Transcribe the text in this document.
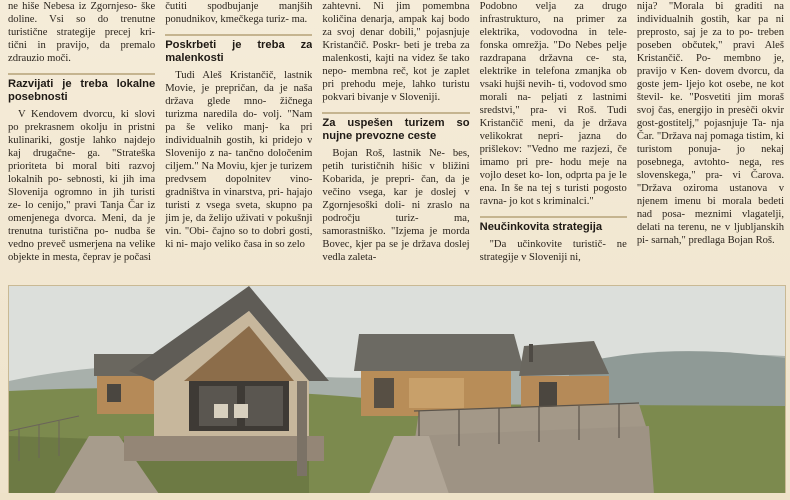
ne hiše Nebesa iz Zgornjeso- ške doline. Vsi so do trenutne turistične strategije precej kri- tični in pravijo, da premalo zdrauzio moči.

Razvijati je treba lokalne posebnosti

V Kendovem dvorcu, ki slovi po prekrasnem okolju in pristni kulinariki, gostje lahko najdejo kaj drugačne- ga. "Strateška prioriteta bi moral biti razvoj lokalnih po- sebnosti, ki jih ima Slovenija ogromno in jih turisti ze- lo cenijo," pravi Tanja Čar iz omenjenega dvorca. Meni, da je trenutna turistična po- nudba še vedno preveč usmerjena na velike objekte in mesta, čeprav je počasi

čutiti spodbujanje manjših ponudnikov, kmečkega turiz- ma.

Poskrbeti je treba za malenkosti

Tudi Aleš Kristančič, lastnik Movie, je prepričan, da je naša država glede mno- žičnega turizma naredila do- volj. "Nam pa še veliko manj- ka pri individualnih gostih, ki pridejo v Slovenijo z na- tančno določenim ciljem." Na Moviu, kjer je turizem predvsem dopolnitev vino- gradništva in vinarstva, pri- hajajo turisti z vsega sveta, skupno pa jim je, da želijo uživati v pokušnji vin. "Obi- čajno so to dobri gosti, ki ni- majo veliko časa in so zelo

zahtevni. Ni jim pomembna količina denarja, ampak kaj bodo za svoj denar dobili," pojasnjuje Kristančič. Poskr- beti je treba za malenkosti, kajti na videz še tako nepo- membna reč, kot je zaplet pri prehodu meje, lahko turistu pokvari bivanje v Sloveniji.

Za uspešen turizem so nujne prevozne ceste

Bojan Roš, lastnik Ne- bes, petih turističnih hišic v bližini Kobarida, je prepri- čan, da je večino vsega, kar je doslej v Zgornjesoški doli- ni zraslo na področju turiz- ma, samorastniško. "Izjema je morda Bovec, kjer pa se je država doslej vedla zaleta-

Podobno velja za drugo infrastrukturo, na primer za elektrika, vodovodna in tele- fonska omrežja. "Do Nebes pelje razdrapana državna ce- sta, elektrike in telefona zmanjka ob vsaki hujši nevih- ti, vodovod smo morali na- peljati z lastnimi sredstvi," pra- vi Roš. Tudi Kristančič meni, da je država velikokrat nepri- jazna do prišlekov: "Vedno me razjezi, če imamo pri pre- hodu meje na vojlo deset ko- lon, odprta pa je le ena. In še na tej s turisti pogosto ravna- jo kot s kriminalci."

Neučinkovita strategija

"Da učinkovite turistič- ne strategije v Sloveniji ni,

nija? "Morala bi graditi na individualnih gostih, kar pa ni preprosto, saj je za to po- treben poseben občutek," pravi Aleš Kristančič. Po- membno je, pravijo v Ken- dovem dvorcu, da goste jem- ljejo kot osebe, ne kot števil- ke. "Posvetiti jim moraš svoj čas, energijo in presèči okvir gost-gostitelj," pojasnjuje Ta- nja Čar. "Država naj pomaga tistim, ki turistom ponuja- jo nekaj posebnega, avtohto- nega, res slovenskega," pra- vi Čarova. "Država oziroma ustanova v njenem imenu bi morala bedeti nad posa- meznimi vlagatelji, delati na terenu, ne v ljubljanskih pi- sarnah," predlaga Bojan Roš.
